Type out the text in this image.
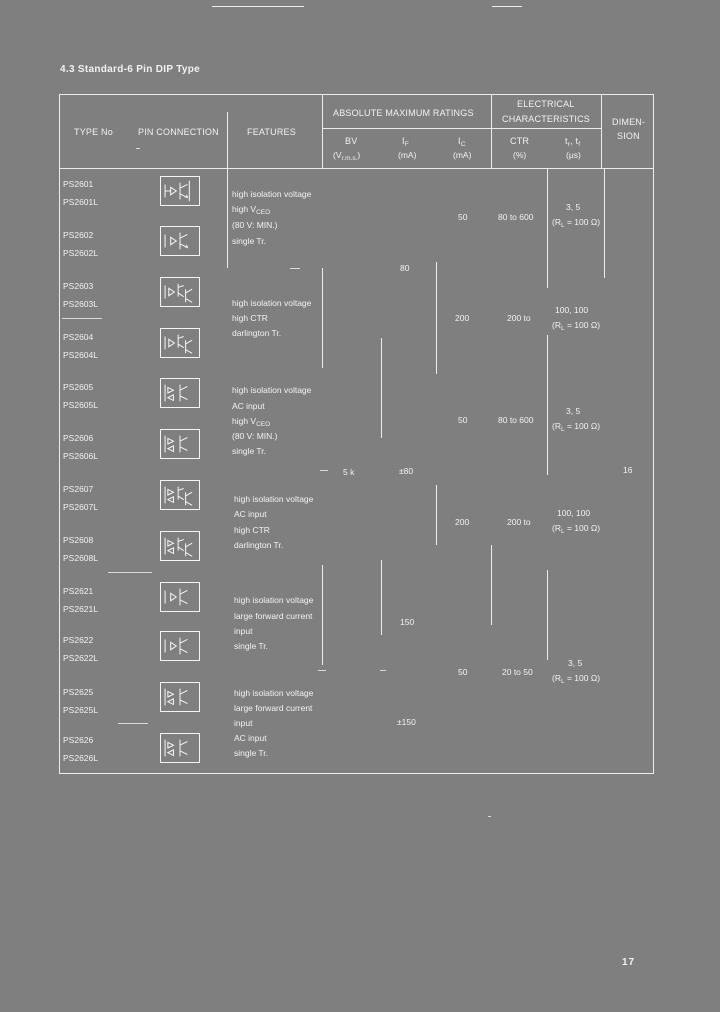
4.3 Standard-6 Pin DIP Type
TYPE No	PIN CONNECTION	FEATURES
ABSOLUTE MAXIMUM RATINGS
ELECTRICAL
CHARACTERISTICS DIMEN-
SION
BV
$(V_{r.m.s.})$
$I_F$
(mA)
$I_C$
(mA)
CTR
(%)
$t_r$, $t_f$
(μs)
PS2601
PS2601L
PS2602
PS2602L
PS2603
PS2603L
PS2604
PS2604L
PS2605
PS2605L
PS2606
PS2606L
PS2607
PS2607L
PS2608
PS2608L
PS2621
PS2621L
PS2622
PS2622L
PS2625
PS2625L
PS2626
PS2626L
high isolation voltage
high $V_{CEO}$
(80 V: MIN.)
single Tr.
high isolation voltage
high CTR
darlington Tr.
high isolation voltage
AC input
high $V_{CEO}$
(80 V: MIN.)
single Tr.
high isolation voltage
AC input
high CTR
darlington Tr.
high isolation voltage
large forward current
input
single Tr.
high isolation voltage
large forward current
input
AC input
single Tr.
5 k
80
±80
150
±150
50
200
50
200
50
80 to 600
200 to
80 to 600
200 to
20 to 50
3, 5
($R_L = 100$ Ω)
100, 100
($R_L = 100$ Ω)
3, 5
($R_L = 100$ Ω)
100, 100
($R_L = 100$ Ω)
3, 5
($R_L = 100$ Ω)
16
17
